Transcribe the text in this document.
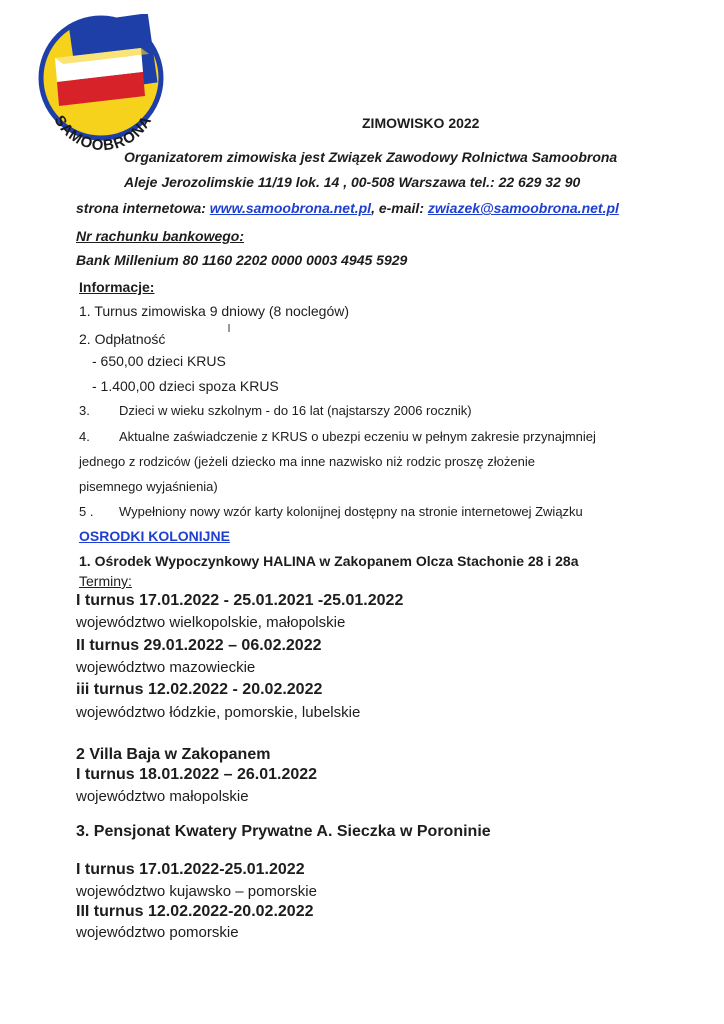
SAMOOBRONA	ZIMOWISKO 2022
Organizatorem zimowiska jest Związek Zawodowy Rolnictwa Samoobrona
Aleje Jerozolimskie 11/19 lok. 14 , 00-508 Warszawa tel.: 22 629 32 90
strona internetowa: www.samoobrona.net.pl, e-mail: zwiazek@samoobrona.net.pl
Nr rachunku bankowego:
Bank Millenium 80 1160 2202 0000 0003 4945 5929
Informacje:
1. Turnus zimowiska 9 dniowy (8 noclegów)
2. Odpłatność
- 650,00 dzieci KRUS
- 1.400,00 dzieci spoza KRUS
3. Dzieci w wieku szkolnym - do 16 lat (najstarszy 2006 rocznik)
4. Aktualne zaświadczenie z KRUS o ubezpi eczeniu w pełnym zakresie przynajmniej
jednego z rodziców (jeżeli dziecko ma inne nazwisko niż rodzic proszę złożenie
pisemnego wyjaśnienia)
5 . Wypełniony nowy wzór karty kolonijnej dostępny na stronie internetowej Związku
OSRODKI KOLONIJNE
1. Ośrodek Wypoczynkowy HALINA w Zakopanem Olcza Stachonie 28 i 28a
Terminy:
I turnus 17.01.2022 - 25.01.2021 -25.01.2022
województwo wielkopolskie, małopolskie
II turnus 29.01.2022 – 06.02.2022
województwo mazowieckie
iii turnus 12.02.2022 - 20.02.2022
województwo łódzkie, pomorskie, lubelskie
2 Villa Baja w Zakopanem
I turnus 18.01.2022 – 26.01.2022
województwo małopolskie
3. Pensjonat Kwatery Prywatne A. Sieczka w Poroninie
I turnus 17.01.2022-25.01.2022
województwo kujawsko – pomorskie
III turnus 12.02.2022-20.02.2022
województwo pomorskie
